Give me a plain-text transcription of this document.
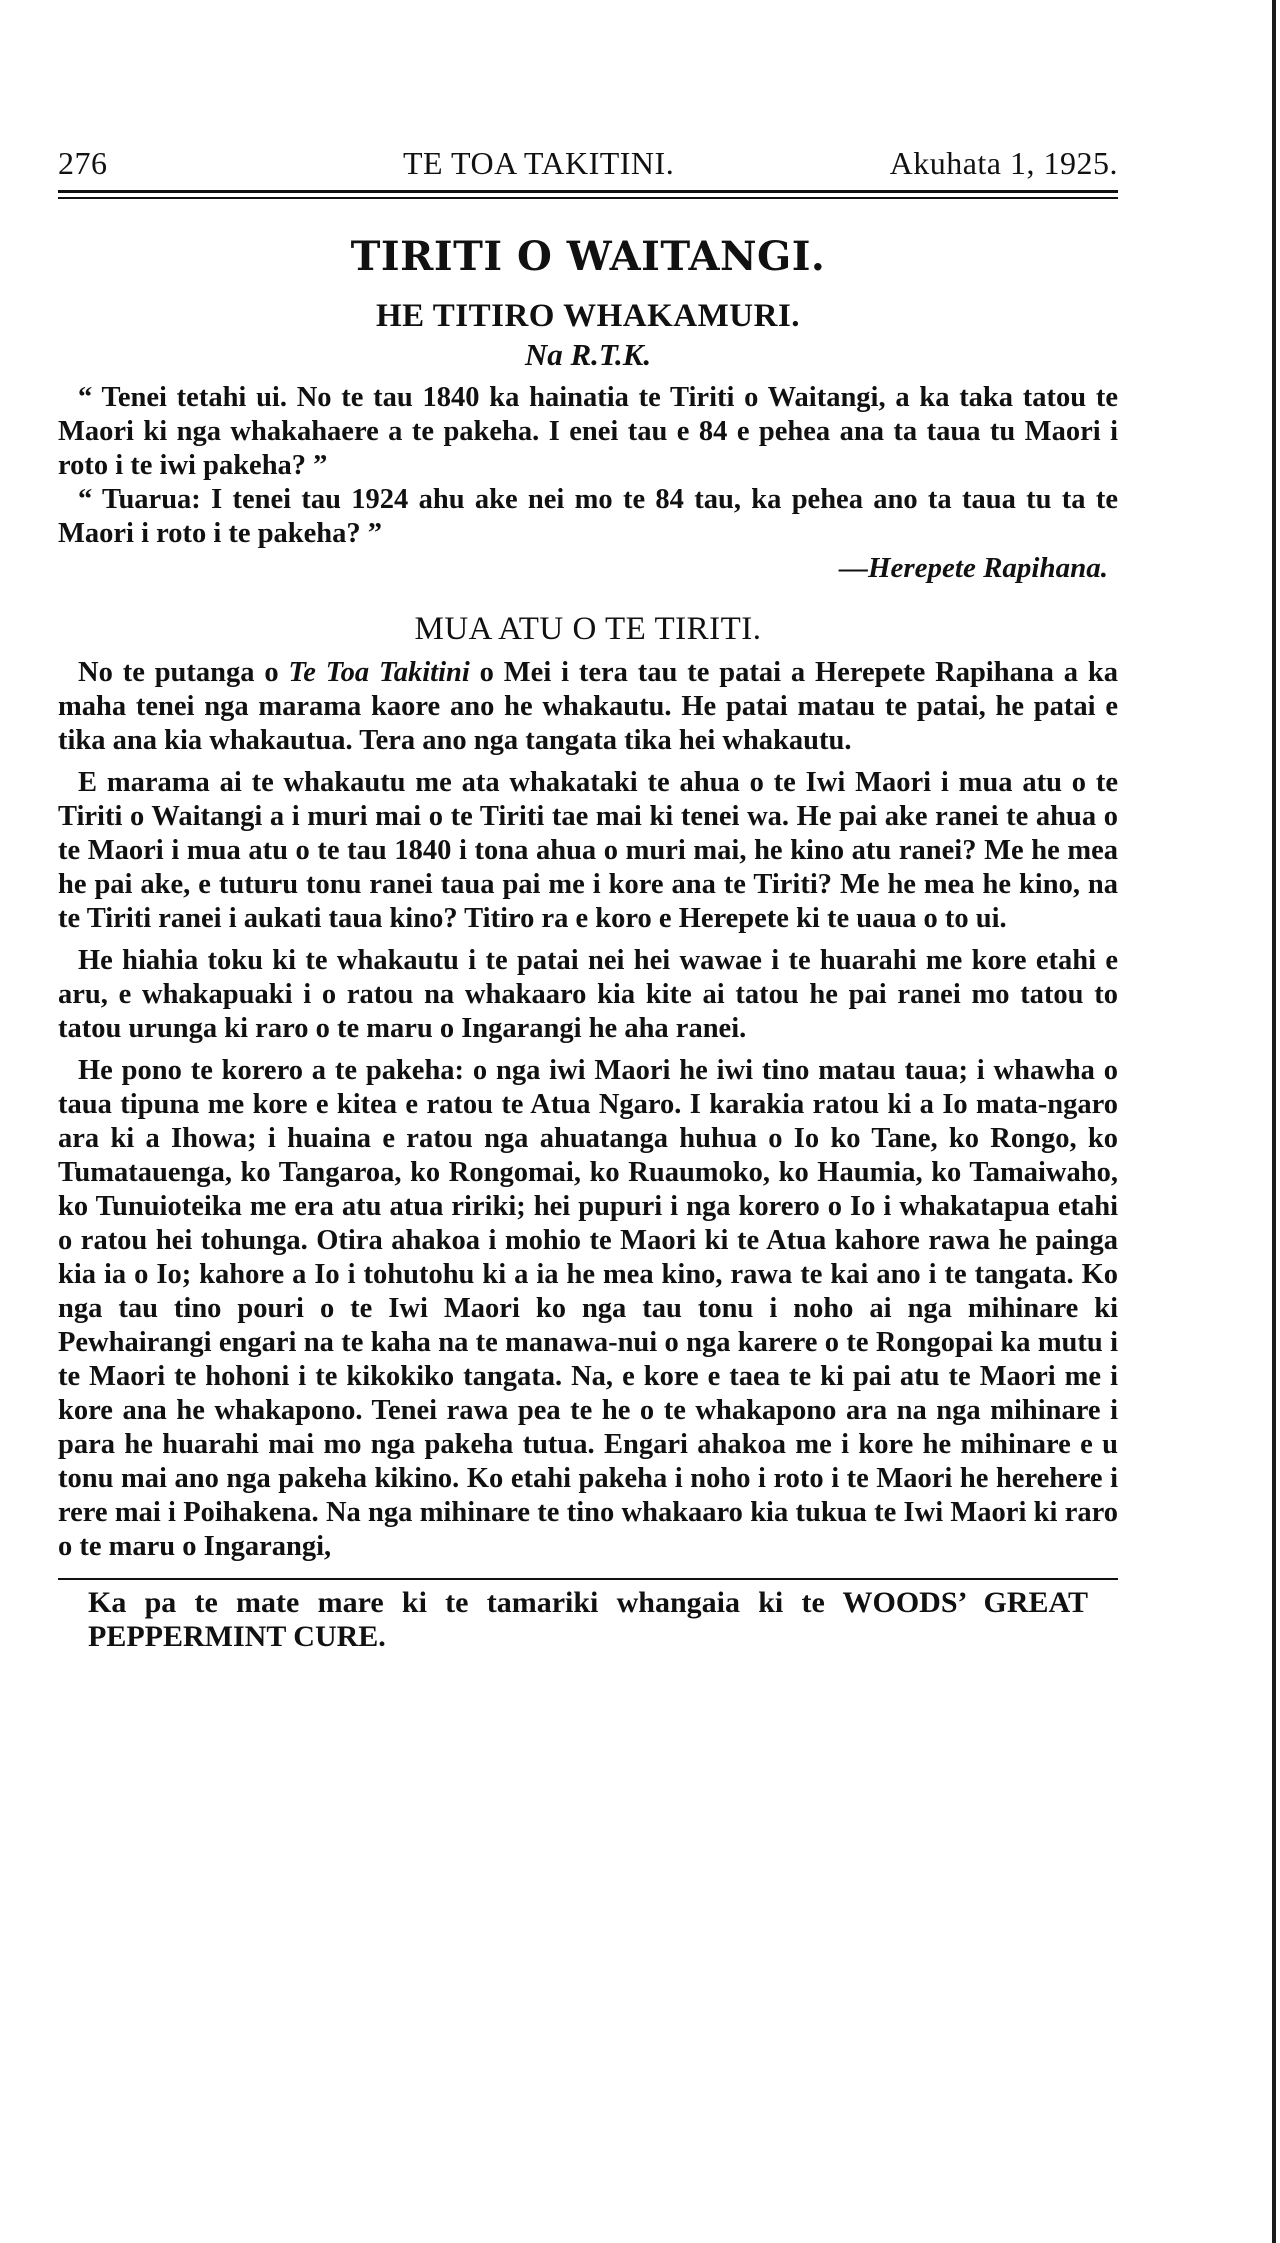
276	TE TOA TAKITINI.	Akuhata 1, 1925.
TIRITI O WAITANGI.
HE TITIRO WHAKAMURI.
Na R.T.K.

“ Tenei tetahi ui. No te tau 1840 ka hainatia te Tiriti o Waitangi, a ka taka tatou te Maori ki nga whakahaere a te pakeha. I enei tau e 84 e pehea ana ta taua tu Maori i roto i te iwi pakeha? ”

“ Tuarua: I tenei tau 1924 ahu ake nei mo te 84 tau, ka pehea ano ta taua tu ta te Maori i roto i te pakeha? ”

—Herepete Rapihana.
MUA ATU O TE TIRITI.

No te putanga o Te Toa Takitini o Mei i tera tau te patai a Herepete Rapihana a ka maha tenei nga marama kaore ano he whakautu. He patai matau te patai, he patai e tika ana kia whakautua. Tera ano nga tangata tika hei whakautu.

E marama ai te whakautu me ata whakataki te ahua o te Iwi Maori i mua atu o te Tiriti o Waitangi a i muri mai o te Tiriti tae mai ki tenei wa. He pai ake ranei te ahua o te Maori i mua atu o te tau 1840 i tona ahua o muri mai, he kino atu ranei? Me he mea he pai ake, e tuturu tonu ranei taua pai me i kore ana te Tiriti? Me he mea he kino, na te Tiriti ranei i aukati taua kino? Titiro ra e koro e Herepete ki te uaua o to ui.

He hiahia toku ki te whakautu i te patai nei hei wawae i te huarahi me kore etahi e aru, e whakapuaki i o ratou na whakaaro kia kite ai tatou he pai ranei mo tatou to tatou urunga ki raro o te maru o Ingarangi he aha ranei.

He pono te korero a te pakeha: o nga iwi Maori he iwi tino matau taua; i whawha o taua tipuna me kore e kitea e ratou te Atua Ngaro. I karakia ratou ki a Io mata-ngaro ara ki a Ihowa; i huaina e ratou nga ahuatanga huhua o Io ko Tane, ko Rongo, ko Tumatauenga, ko Tangaroa, ko Rongomai, ko Ruaumoko, ko Haumia, ko Tamaiwaho, ko Tunuioteika me era atu atua ririki; hei pupuri i nga korero o Io i whakatapua etahi o ratou hei tohunga. Otira ahakoa i mohio te Maori ki te Atua kahore rawa he painga kia ia o Io; kahore a Io i tohutohu ki a ia he mea kino, rawa te kai ano i te tangata. Ko nga tau tino pouri o te Iwi Maori ko nga tau tonu i noho ai nga mihinare ki Pewhairangi engari na te kaha na te manawa-nui o nga karere o te Rongopai ka mutu i te Maori te hohoni i te kikokiko tangata. Na, e kore e taea te ki pai atu te Maori me i kore ana he whakapono. Tenei rawa pea te he o te whakapono ara na nga mihinare i para he huarahi mai mo nga pakeha tutua. Engari ahakoa me i kore he mihinare e u tonu mai ano nga pakeha kikino. Ko etahi pakeha i noho i roto i te Maori he herehere i rere mai i Poihakena. Na nga mihinare te tino whakaaro kia tukua te Iwi Maori ki raro o te maru o Ingarangi,

Ka pa te mate mare ki te tamariki whangaia ki te WOODS’ GREAT PEPPERMINT CURE.
